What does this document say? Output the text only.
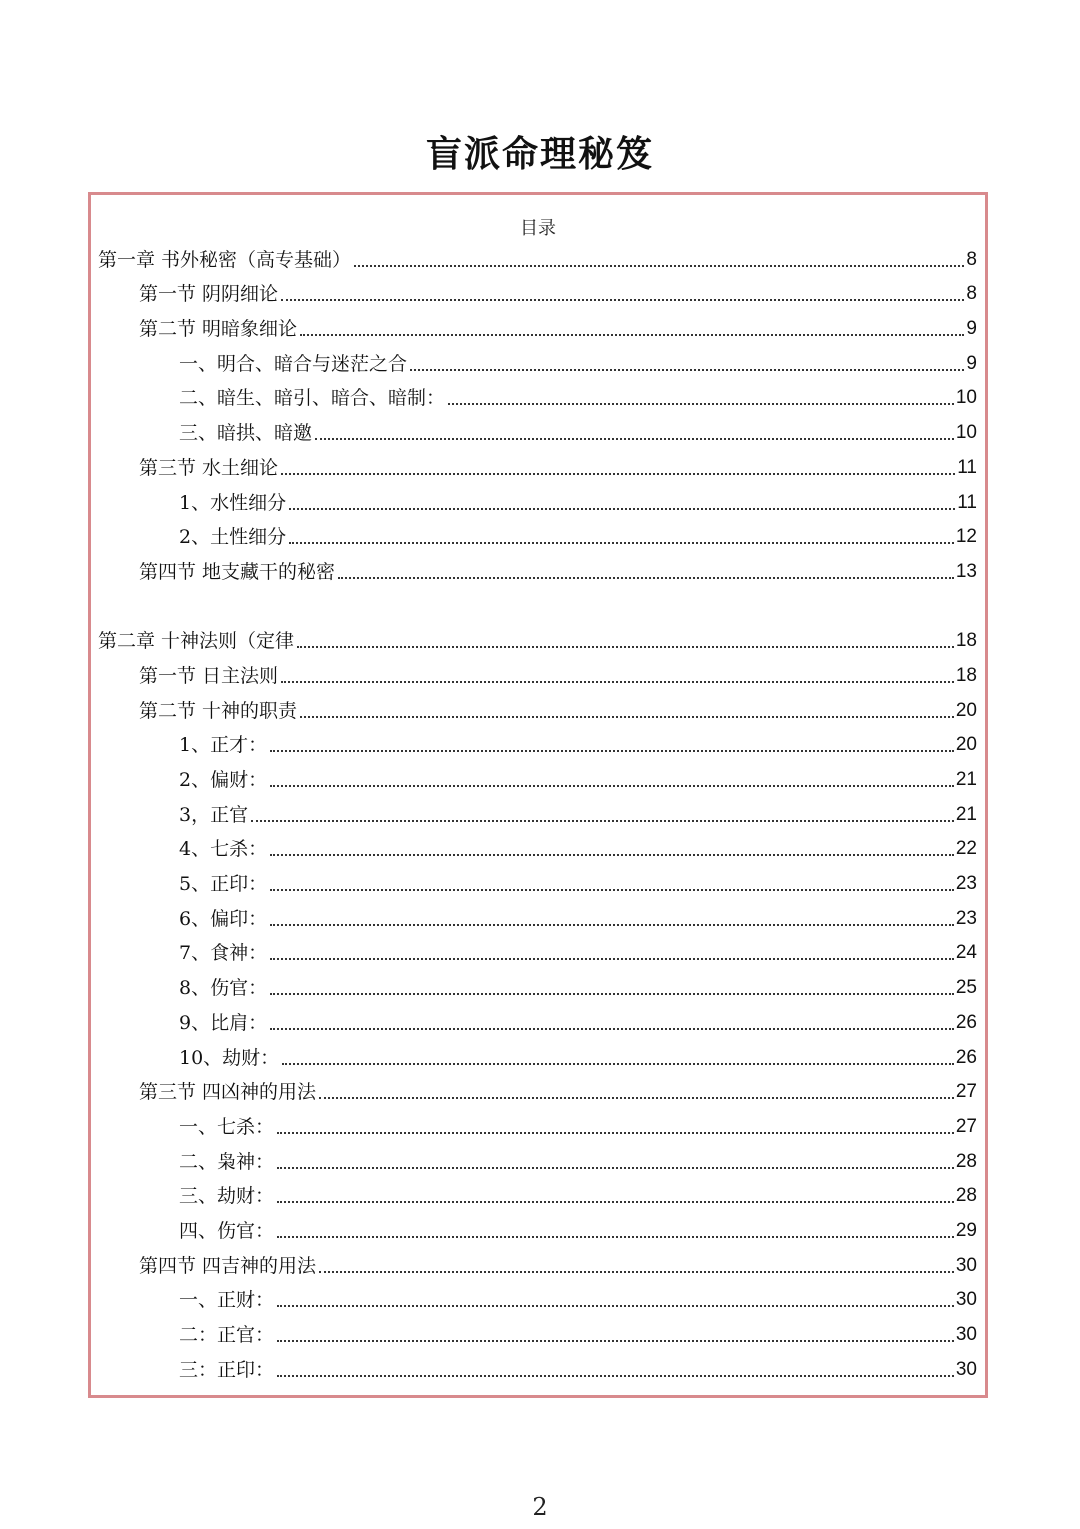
盲派命理秘笈
目录
第一章 书外秘密（高专基础）	8
第一节 阴阴细论	8
第二节 明暗象细论	9
一、明合、暗合与迷茫之合	9
二、暗生、暗引、暗合、暗制：	10
三、暗拱、暗邀	10
第三节 水土细论	11
1、水性细分	11
2、土性细分	12
第四节 地支藏干的秘密	13
第二章 十神法则（定律	18
第一节 日主法则	18
第二节 十神的职责	20
1、正才：	20
2、偏财：	21
3，正官	21
4、七杀：	22
5、正印：	23
6、偏印：	23
7、食神：	24
8、伤官：	25
9、比肩：	26
10、劫财：	26
第三节 四凶神的用法	27
一、七杀：	27
二、枭神：	28
三、劫财：	28
四、伤官：	29
第四节 四吉神的用法	30
一、正财：	30
二：正官：	30
三：正印：	30
2
